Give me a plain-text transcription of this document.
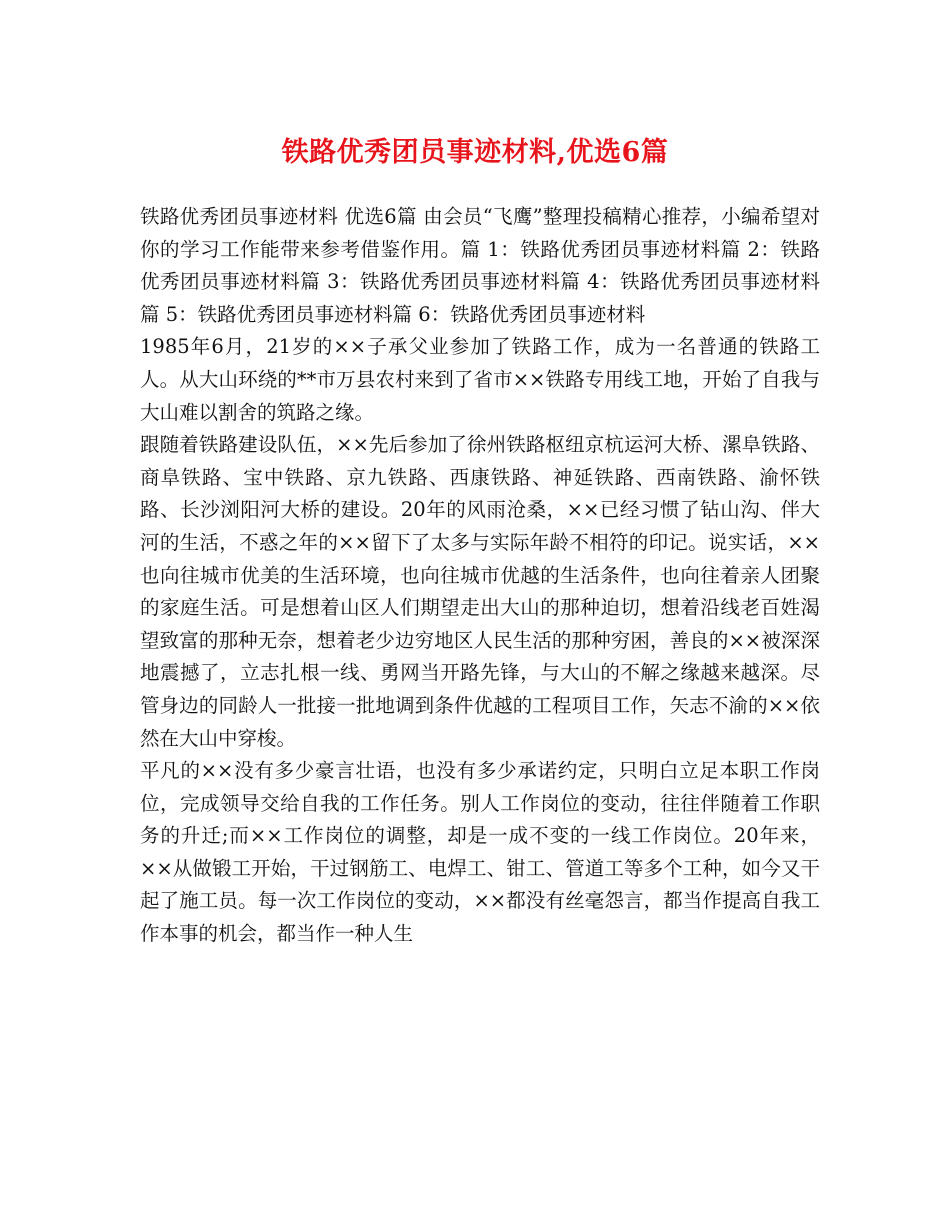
铁路优秀团员事迹材料,优选6篇

铁路优秀团员事迹材料 优选6篇 由会员“飞鹰”整理投稿精心推荐，小编希望对你的学习工作能带来参考借鉴作用。篇 1：铁路优秀团员事迹材料篇 2：铁路优秀团员事迹材料篇 3：铁路优秀团员事迹材料篇 4：铁路优秀团员事迹材料篇 5：铁路优秀团员事迹材料篇 6：铁路优秀团员事迹材料

1985年6月，21岁的××子承父业参加了铁路工作，成为一名普通的铁路工人。从大山环绕的**市万县农村来到了省市××铁路专用线工地，开始了自我与大山难以割舍的筑路之缘。

跟随着铁路建设队伍，××先后参加了徐州铁路枢纽京杭运河大桥、漯阜铁路、商阜铁路、宝中铁路、京九铁路、西康铁路、神延铁路、西南铁路、渝怀铁路、长沙浏阳河大桥的建设。20年的风雨沧桑，××已经习惯了钻山沟、伴大河的生活，不惑之年的××留下了太多与实际年龄不相符的印记。说实话，××也向往城市优美的生活环境，也向往城市优越的生活条件，也向往着亲人团聚的家庭生活。可是想着山区人们期望走出大山的那种迫切，想着沿线老百姓渴望致富的那种无奈，想着老少边穷地区人民生活的那种穷困，善良的××被深深地震撼了，立志扎根一线、勇网当开路先锋，与大山的不解之缘越来越深。尽管身边的同龄人一批接一批地调到条件优越的工程项目工作，矢志不渝的××依然在大山中穿梭。

平凡的××没有多少豪言壮语，也没有多少承诺约定，只明白立足本职工作岗位，完成领导交给自我的工作任务。别人工作岗位的变动，往往伴随着工作职务的升迁;而××工作岗位的调整，却是一成不变的一线工作岗位。20年来，××从做锻工开始，干过钢筋工、电焊工、钳工、管道工等多个工种，如今又干起了施工员。每一次工作岗位的变动，××都没有丝毫怨言，都当作提高自我工作本事的机会，都当作一种人生
